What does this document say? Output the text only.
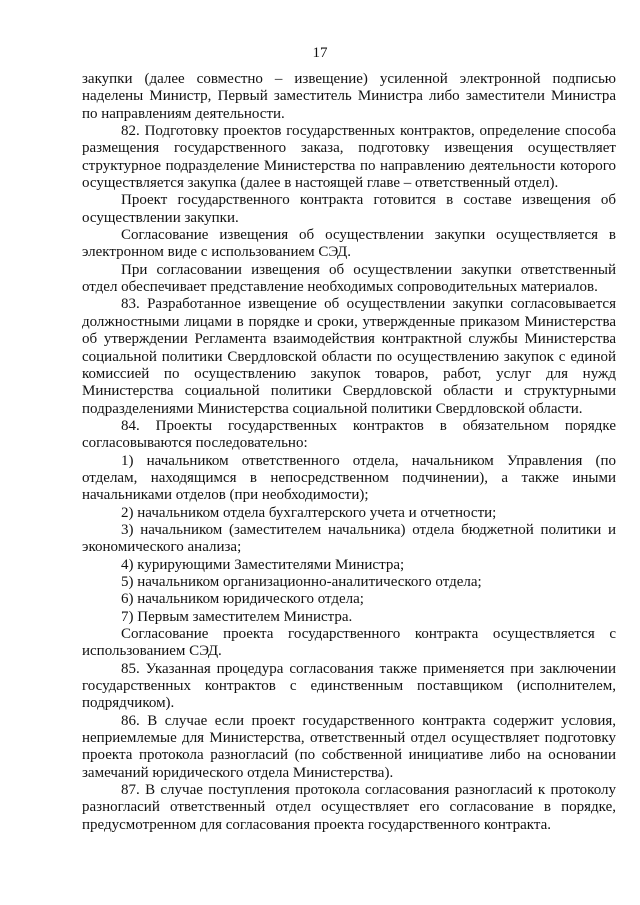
17

закупки (далее совместно – извещение) усиленной электронной подписью наделены Министр, Первый заместитель Министра либо заместители Министра по направлениям деятельности.

82. Подготовку проектов государственных контрактов, определение способа размещения государственного заказа, подготовку извещения осуществляет структурное подразделение Министерства по направлению деятельности которого осуществляется закупка (далее в настоящей главе – ответственный отдел).

Проект государственного контракта готовится в составе извещения об осуществлении закупки.

Согласование извещения об осуществлении закупки осуществляется в электронном виде с использованием СЭД.

При согласовании извещения об осуществлении закупки ответственный отдел обеспечивает представление необходимых сопроводительных материалов.

83. Разработанное извещение об осуществлении закупки согласовывается должностными лицами в порядке и сроки, утвержденные приказом Министерства об утверждении Регламента взаимодействия контрактной службы Министерства социальной политики Свердловской области по осуществлению закупок с единой комиссией по осуществлению закупок товаров, работ, услуг для нужд Министерства социальной политики Свердловской области и структурными подразделениями Министерства социальной политики Свердловской области.

84. Проекты государственных контрактов в обязательном порядке согласовываются последовательно:

1) начальником ответственного отдела, начальником Управления (по отделам, находящимся в непосредственном подчинении), а также иными начальниками отделов (при необходимости);

2) начальником отдела бухгалтерского учета и отчетности;

3) начальником (заместителем начальника) отдела бюджетной политики и экономического анализа;

4) курирующими Заместителями Министра;

5) начальником организационно-аналитического отдела;

6) начальником юридического отдела;

7) Первым заместителем Министра.

Согласование проекта государственного контракта осуществляется с использованием СЭД.

85. Указанная процедура согласования также применяется при заключении государственных контрактов с единственным поставщиком (исполнителем, подрядчиком).

86. В случае если проект государственного контракта содержит условия, неприемлемые для Министерства, ответственный отдел осуществляет подготовку проекта протокола разногласий (по собственной инициативе либо на основании замечаний юридического отдела Министерства).

87. В случае поступления протокола согласования разногласий к протоколу разногласий ответственный отдел осуществляет его согласование в порядке, предусмотренном для согласования проекта государственного контракта.
